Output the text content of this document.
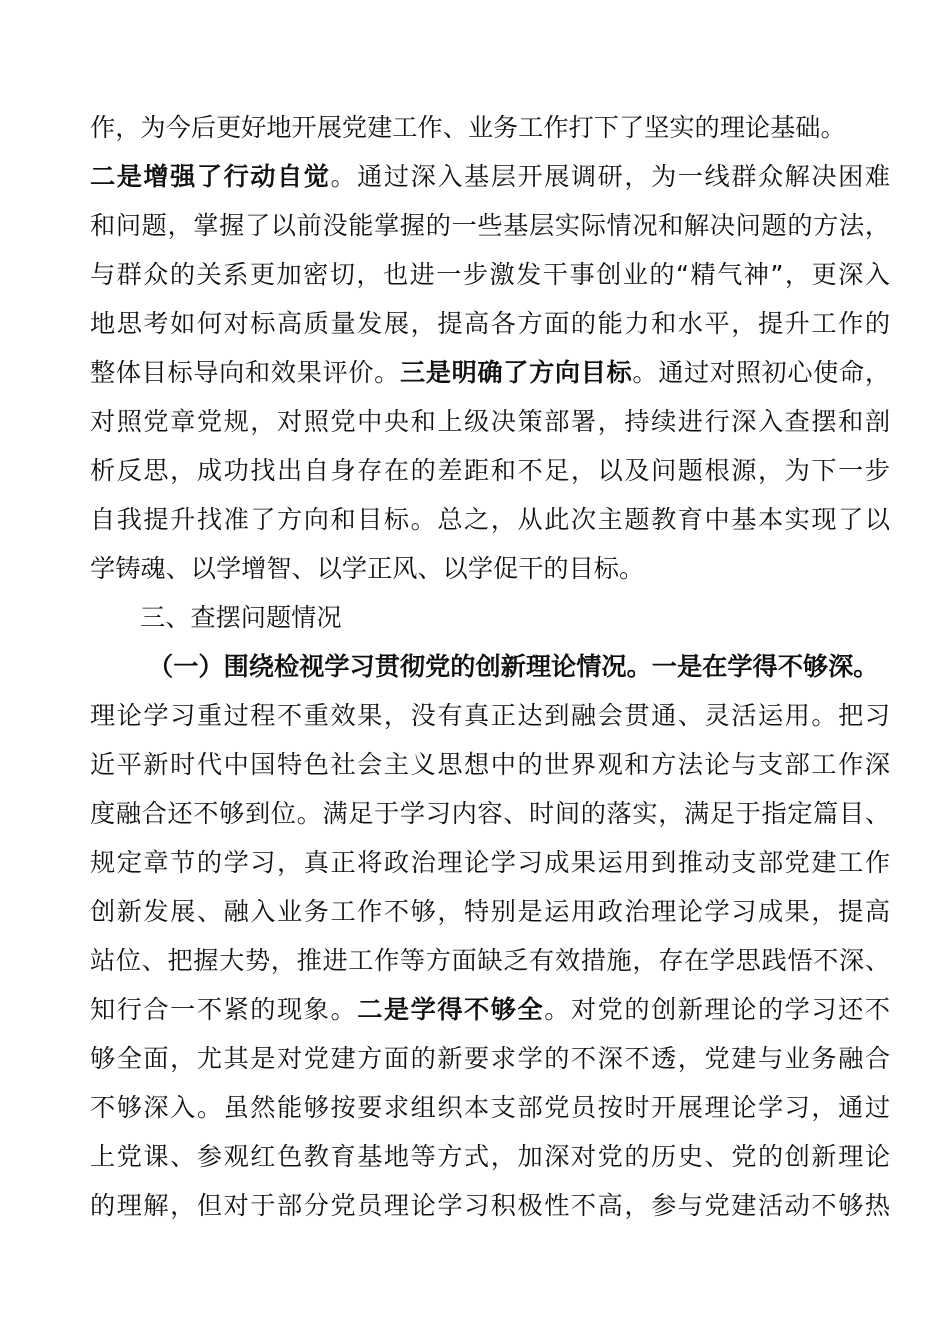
作，为今后更好地开展党建工作、业务工作打下了坚实的理论基础。
二是增强了行动自觉。通过深入基层开展调研，为一线群众解决困难
和问题，掌握了以前没能掌握的一些基层实际情况和解决问题的方法，
与群众的关系更加密切，也进一步激发干事创业的“精气神”，更深入
地思考如何对标高质量发展，提高各方面的能力和水平，提升工作的
整体目标导向和效果评价。三是明确了方向目标。通过对照初心使命，
对照党章党规，对照党中央和上级决策部署，持续进行深入查摆和剖
析反思，成功找出自身存在的差距和不足，以及问题根源，为下一步
自我提升找准了方向和目标。总之，从此次主题教育中基本实现了以
学铸魂、以学增智、以学正风、以学促干的目标。
三、查摆问题情况
（一）围绕检视学习贯彻党的创新理论情况。一是在学得不够深。
理论学习重过程不重效果，没有真正达到融会贯通、灵活运用。把习
近平新时代中国特色社会主义思想中的世界观和方法论与支部工作深
度融合还不够到位。满足于学习内容、时间的落实，满足于指定篇目、
规定章节的学习，真正将政治理论学习成果运用到推动支部党建工作
创新发展、融入业务工作不够，特别是运用政治理论学习成果，提高
站位、把握大势，推进工作等方面缺乏有效措施，存在学思践悟不深、
知行合一不紧的现象。二是学得不够全。对党的创新理论的学习还不
够全面，尤其是对党建方面的新要求学的不深不透，党建与业务融合
不够深入。虽然能够按要求组织本支部党员按时开展理论学习，通过
上党课、参观红色教育基地等方式，加深对党的历史、党的创新理论
的理解，但对于部分党员理论学习积极性不高，参与党建活动不够热
